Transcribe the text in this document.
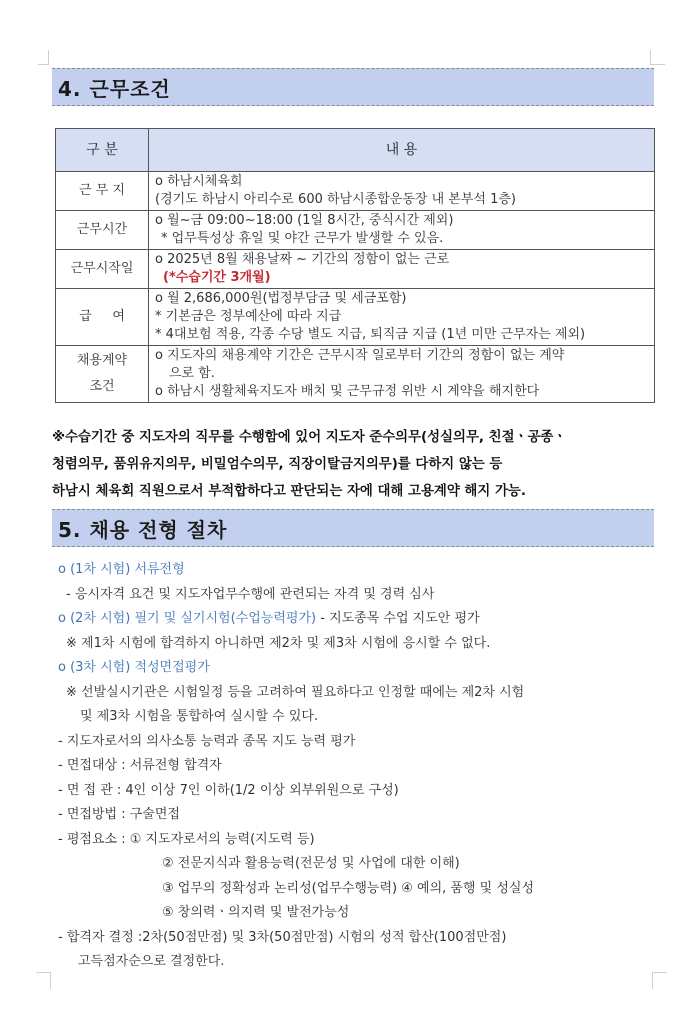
4. 근무조건
구 분	내 용
근 무 지	o 하남시체육회
(경기도 하남시 아리수로 600 하남시종합운동장 내 본부석 1층)
근무시간	o 월~금 09:00~18:00 (1일 8시간, 중식시간 제외)
* 업무특성상 휴일 및 야간 근무가 발생할 수 있음.
근무시작일	o 2025년 8월 채용날짜 ~ 기간의 정함이 없는 근로
(*수습기간 3개월)
급     여	o 월 2,686,000원(법정부담금 및 세금포함)
* 기본금은 정부예산에 따라 지급
* 4대보험 적용, 각종 수당 별도 지급, 퇴직금 지급 (1년 미만 근무자는 제외)
채용계약
조건	o 지도자의 채용계약 기간은 근무시작 일로부터 기간의 정함이 없는 계약
으로 함.
o 하남시 생활체육지도자 배치 및 근무규정 위반 시 계약을 해지한다
※수습기간 중 지도자의 직무를 수행함에 있어 지도자 준수의무(성실의무, 친절ㆍ공종ㆍ
청렴의무, 품위유지의무, 비밀엄수의무, 직장이탈금지의무)를 다하지 않는 등
하남시 체육회 직원으로서 부적합하다고 판단되는 자에 대해 고용계약 해지 가능.
5. 채용 전형 절차
o (1차 시험) 서류전형
- 응시자격 요건 및 지도자업무수행에 관련되는 자격 및 경력 심사
o (2차 시험) 필기 및 실기시험(수업능력평가) - 지도종목 수업 지도안 평가
※ 제1차 시험에 합격하지 아니하면 제2차 및 제3차 시험에 응시할 수 없다.
o (3차 시험) 적성면접평가
※ 선발실시기관은 시험일정 등을 고려하여 필요하다고 인정할 때에는 제2차 시험
및 제3차 시험을 통합하여 실시할 수 있다.
- 지도자로서의 의사소통 능력과 종목 지도 능력 평가
- 면접대상 : 서류전형 합격자
- 면 접 관 : 4인 이상 7인 이하(1/2 이상 외부위원으로 구성)
- 면접방법 : 구술면접
- 평점요소 : ① 지도자로서의 능력(지도력 등)
② 전문지식과 활용능력(전문성 및 사업에 대한 이해)
③ 업무의 정확성과 논리성(업무수행능력) ④ 예의, 품행 및 성실성
⑤ 창의력ㆍ의지력 및 발전가능성
- 합격자 결정 :2차(50점만점) 및 3차(50점만점) 시험의 성적 합산(100점만점)
고득점자순으로 결정한다.
